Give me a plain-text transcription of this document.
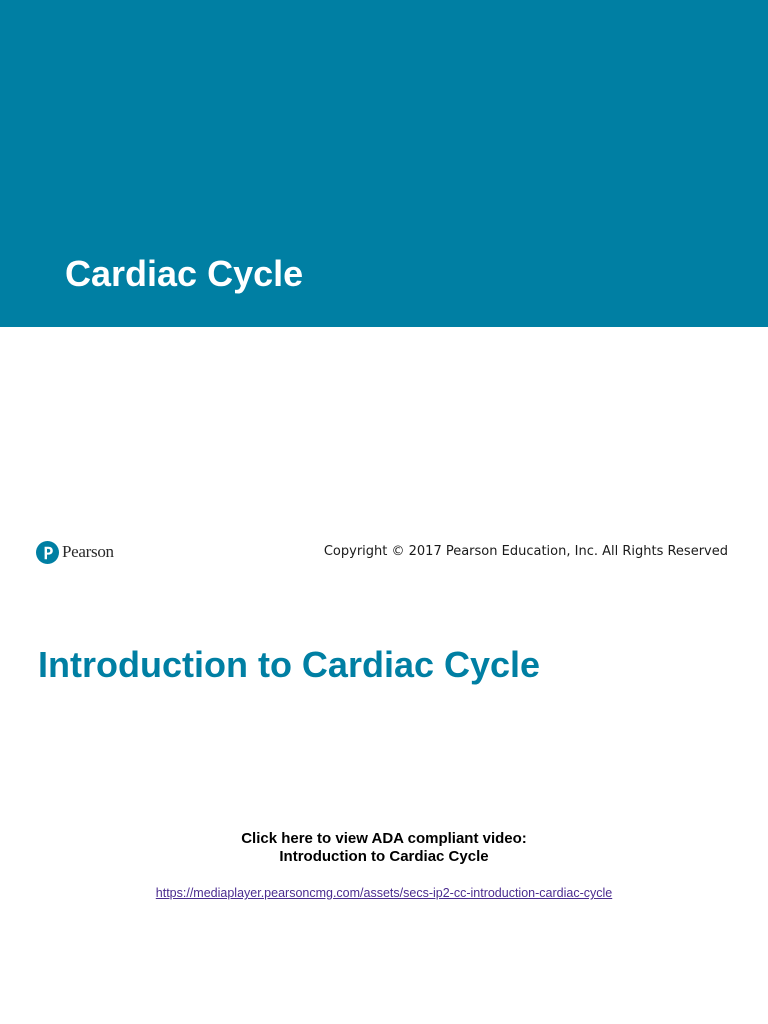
Cardiac Cycle
Pearson	Copyright © 2017 Pearson Education, Inc. All Rights Reserved
Introduction to Cardiac Cycle
Click here to view ADA compliant video:
Introduction to Cardiac Cycle
https://mediaplayer.pearsoncmg.com/assets/secs-ip2-cc-introduction-cardiac-cycle
